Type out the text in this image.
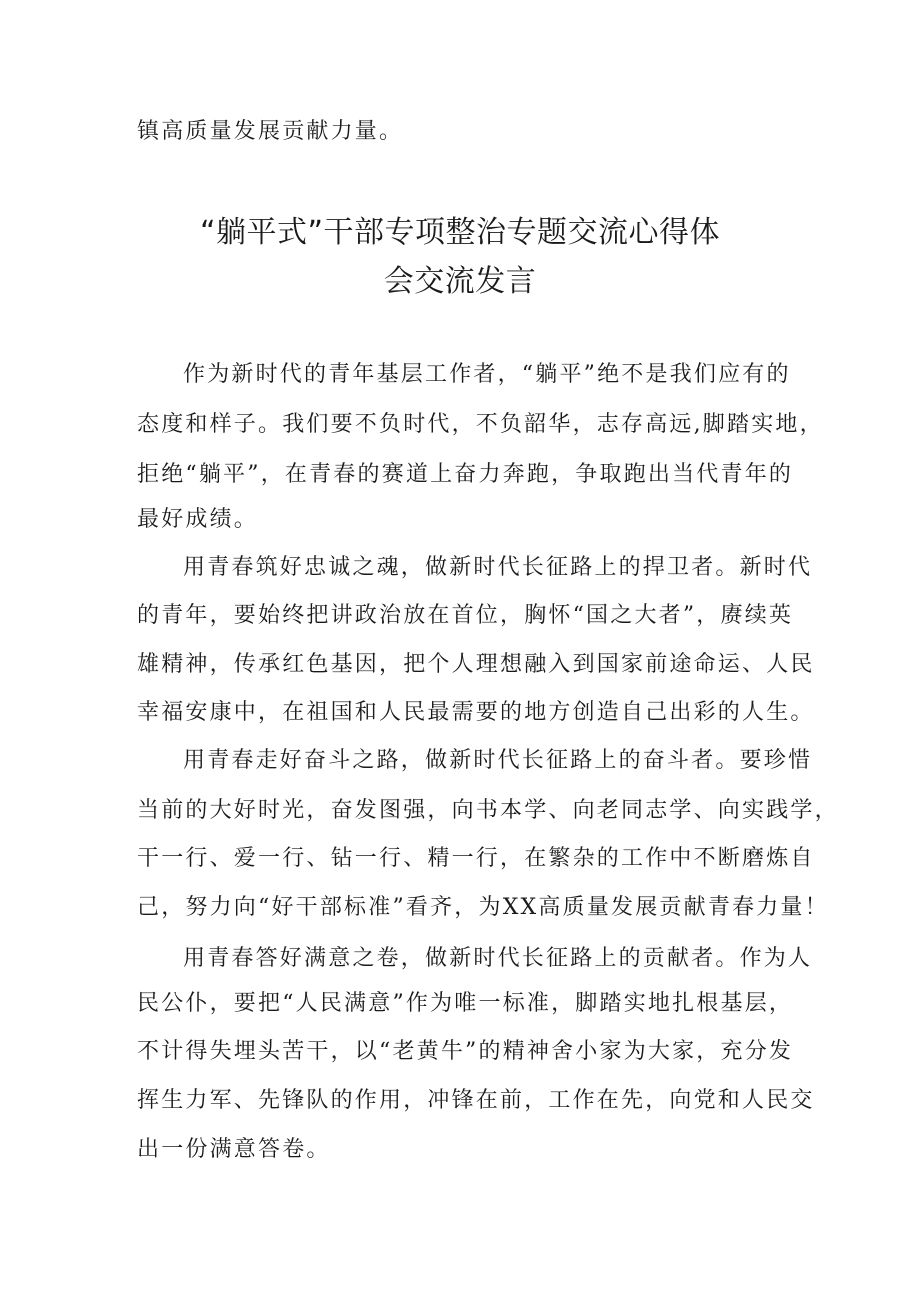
镇高质量发展贡献力量。
“躺平式”干部专项整治专题交流心得体
会交流发言
作为新时代的青年基层工作者，“躺平”绝不是我们应有的
态度和样子。我们要不负时代，不负韶华，志存高远,脚踏实地，
拒绝“躺平”，在青春的赛道上奋力奔跑，争取跑出当代青年的
最好成绩。
用青春筑好忠诚之魂，做新时代长征路上的捍卫者。新时代
的青年，要始终把讲政治放在首位，胸怀“国之大者”，赓续英
雄精神，传承红色基因，把个人理想融入到国家前途命运、人民
幸福安康中，在祖国和人民最需要的地方创造自己出彩的人生。
用青春走好奋斗之路，做新时代长征路上的奋斗者。要珍惜
当前的大好时光，奋发图强，向书本学、向老同志学、向实践学，
干一行、爱一行、钻一行、精一行，在繁杂的工作中不断磨炼自
己，努力向“好干部标准”看齐，为XX高质量发展贡献青春力量！
用青春答好满意之卷，做新时代长征路上的贡献者。作为人
民公仆，要把“人民满意”作为唯一标准，脚踏实地扎根基层，
不计得失埋头苦干，以“老黄牛”的精神舍小家为大家，充分发
挥生力军、先锋队的作用，冲锋在前，工作在先，向党和人民交
出一份满意答卷。
